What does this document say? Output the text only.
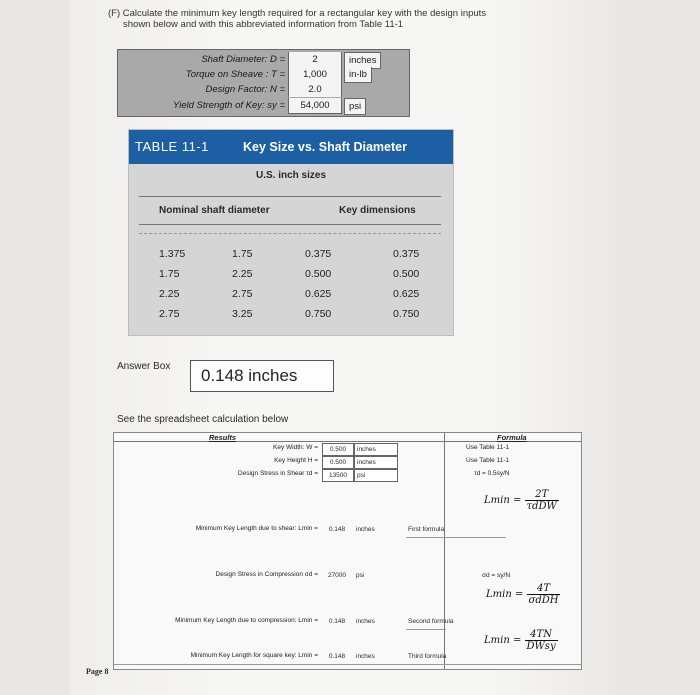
(F) Calculate the minimum key length required for a rectangular key with the design inputs
shown below and with this abbreviated information from Table 11-1
Shaft Diameter: D =	2	inches
Torque on Sheave : T =	1,000	in-lb
Design Factor: N =	2.0
Yield Strength of Key: sy =	54,000	psi
TABLE 11-1	Key Size vs. Shaft Diameter
U.S. inch sizes
Nominal shaft diameter	Key dimensions
1.375	1.75	0.375	0.375
1.75	2.25	0.500	0.500
2.25	2.75	0.625	0.625
2.75	3.25	0.750	0.750
Answer Box	0.148 inches
See the spreadsheet calculation below
Results	Formula
Key Width: W =	0.500	inches	Use Table 11-1
Key Height H =	0.500	inches	Use Table 11-1
Design Stress in Shear τd =	13500	psi	τd = 0.5sy/N
$Lmin = \frac{2T}{\text{τdDW}}$
Minimum Key Length due to shear: Lmin =	0.148	inches	First formula
Design Stress in Compression σd =	27000	psi	σd = sy/N
$Lmin = \frac{4T}{\text{σdDH}}$
Minimum Key Length due to compression: Lmin =	0.148	inches	Second formula
$Lmin = \frac{4TN}{\text{DWsy}}$
Minimum Key Length for square key: Lmin =	0.148	inches	Third formula
Page 8
